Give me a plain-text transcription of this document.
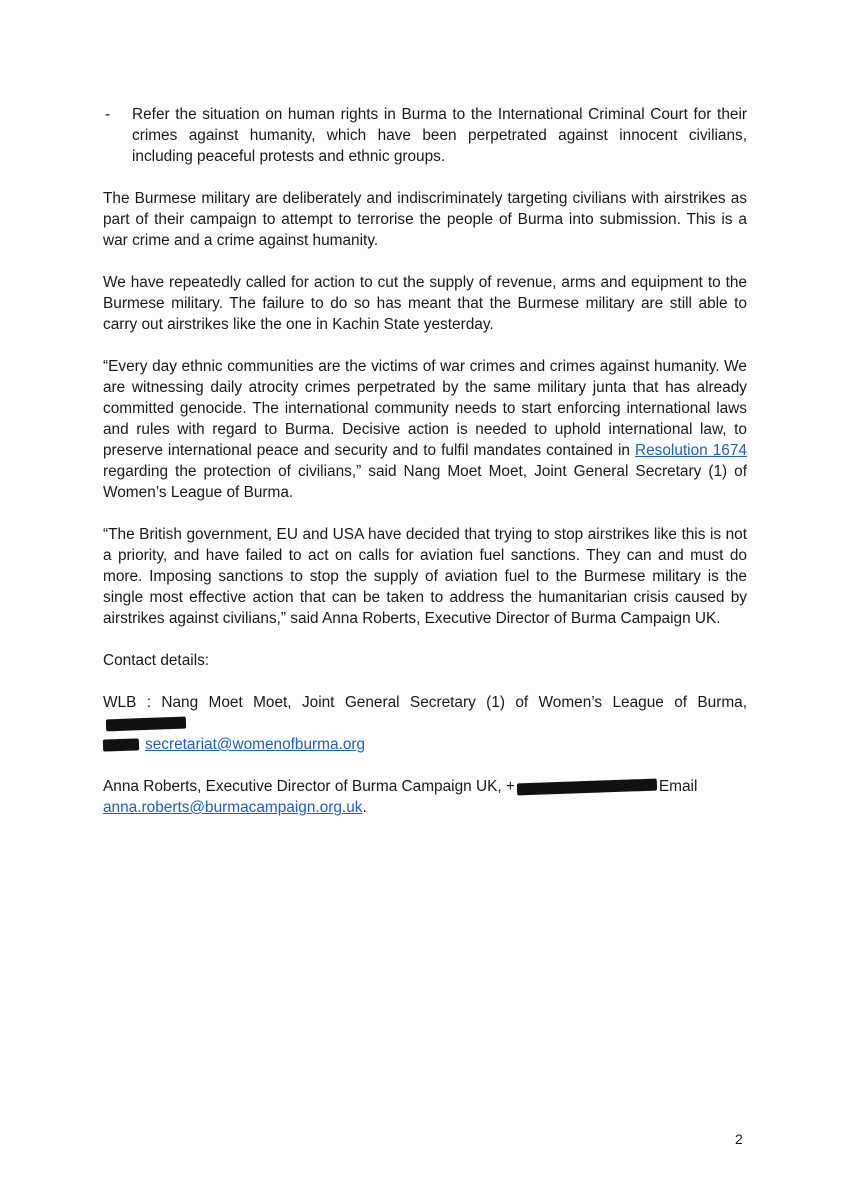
-	Refer the situation on human rights in Burma to the International Criminal Court for their crimes against humanity, which have been perpetrated against innocent civilians, including peaceful protests and ethnic groups.

The Burmese military are deliberately and indiscriminately targeting civilians with airstrikes as part of their campaign to attempt to terrorise the people of Burma into submission. This is a war crime and a crime against humanity.

We have repeatedly called for action to cut the supply of revenue, arms and equipment to the Burmese military. The failure to do so has meant that the Burmese military are still able to carry out airstrikes like the one in Kachin State yesterday.

“Every day ethnic communities are the victims of war crimes and crimes against humanity. We are witnessing daily atrocity crimes perpetrated by the same military junta that has already committed genocide. The international community needs to start enforcing international laws and rules with regard to Burma. Decisive action is needed to uphold international law, to preserve international peace and security and to fulfil mandates contained in Resolution 1674 regarding the protection of civilians,” said Nang Moet Moet, Joint General Secretary (1) of Women’s League of Burma.

“The British government, EU and USA have decided that trying to stop airstrikes like this is not a priority, and have failed to act on calls for aviation fuel sanctions. They can and must do more. Imposing sanctions to stop the supply of aviation fuel to the Burmese military is the single most effective action that can be taken to address the humanitarian crisis caused by airstrikes against civilians,” said Anna Roberts, Executive Director of Burma Campaign UK.

Contact details:

WLB : Nang Moet Moet, Joint General Secretary (1) of Women’s League of Burma,
secretariat@womenofburma.org

Anna Roberts, Executive Director of Burma Campaign UK, +	Email
anna.roberts@burmacampaign.org.uk.

2
